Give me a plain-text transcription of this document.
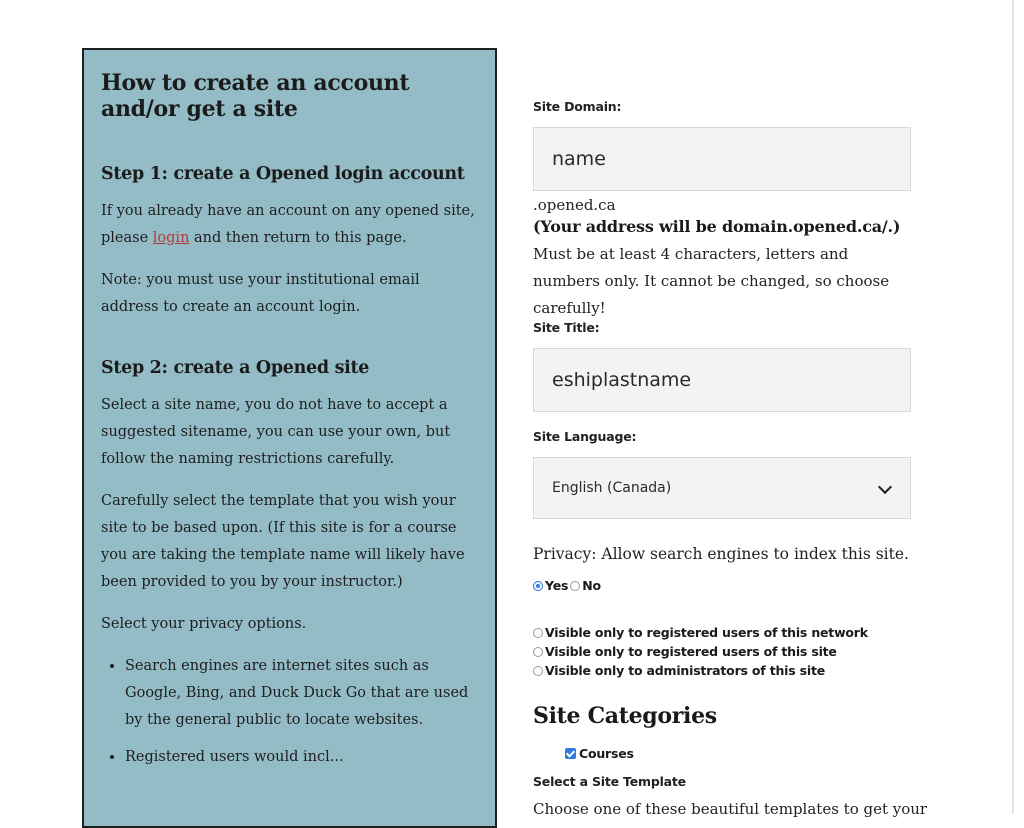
How to create an account and/or get a site
Step 1: create a Opened login account

If you already have an account on any opened site, please login and then return to this page.

Note: you must use your institutional email address to create an account login.

Step 2: create a Opened site

Select a site name, you do not have to accept a suggested sitename, you can use your own, but follow the naming restrictions carefully.

Carefully select the template that you wish your site to be based upon. (If this site is for a course you are taking the template name will likely have been provided to you by your instructor.)

Select your privacy options.

• Search engines are internet sites such as Google, Bing, and Duck Duck Go that are used by the general public to locate websites.
• Registered users would incl...
Site Domain:
name
.opened.ca
(Your address will be domain.opened.ca/.)
Must be at least 4 characters, letters and numbers only. It cannot be changed, so choose carefully!
Site Title:
eshiplastname
Site Language:
English (Canada)
Privacy: Allow search engines to index this site.
Yes No
Visible only to registered users of this network
Visible only to registered users of this site
Visible only to administrators of this site
Site Categories
Courses
Select a Site Template
Choose one of these beautiful templates to get your
